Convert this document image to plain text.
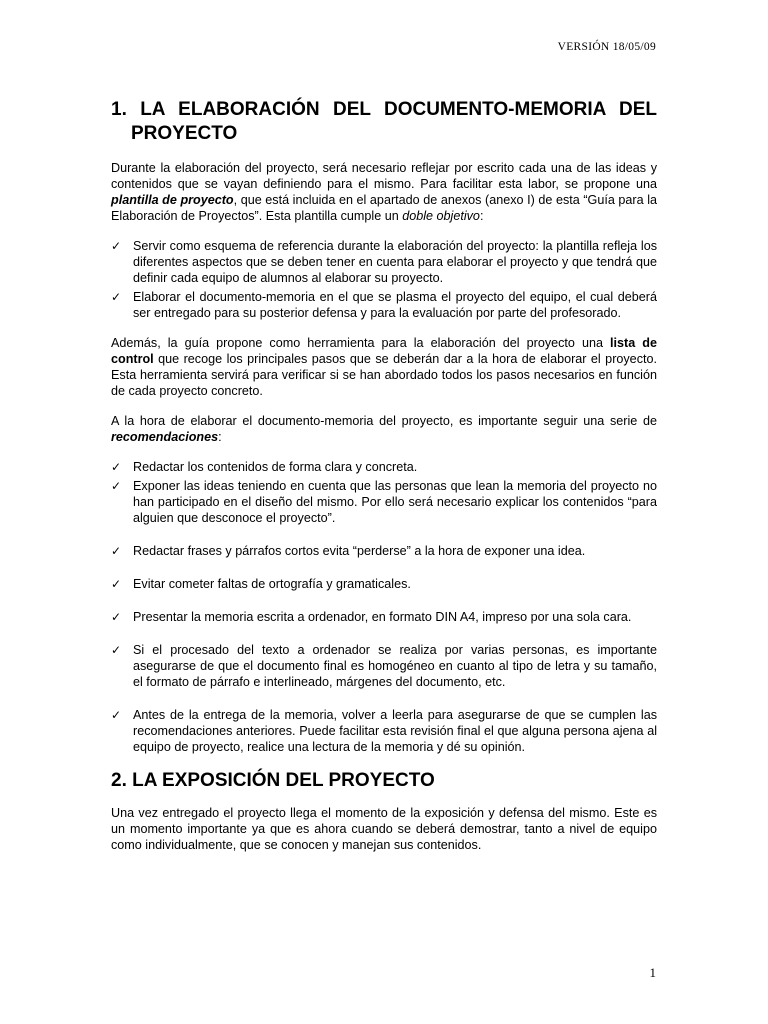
VERSIÓN 18/05/09
1. LA ELABORACIÓN DEL DOCUMENTO-MEMORIA DEL PROYECTO

Durante la elaboración del proyecto, será necesario reflejar por escrito cada una de las ideas y contenidos que se vayan definiendo para el mismo. Para facilitar esta labor, se propone una plantilla de proyecto, que está incluida en el apartado de anexos (anexo I) de esta “Guía para la Elaboración de Proyectos”. Esta plantilla cumple un doble objetivo:

✓ Servir como esquema de referencia durante la elaboración del proyecto: la plantilla refleja los diferentes aspectos que se deben tener en cuenta para elaborar el proyecto y que tendrá que definir cada equipo de alumnos al elaborar su proyecto.
✓ Elaborar el documento-memoria en el que se plasma el proyecto del equipo, el cual deberá ser entregado para su posterior defensa y para la evaluación por parte del profesorado.

Además, la guía propone como herramienta para la elaboración del proyecto una lista de control que recoge los principales pasos que se deberán dar a la hora de elaborar el proyecto. Esta herramienta servirá para verificar si se han abordado todos los pasos necesarios en función de cada proyecto concreto.

A la hora de elaborar el documento-memoria del proyecto, es importante seguir una serie de recomendaciones:

✓ Redactar los contenidos de forma clara y concreta.
✓ Exponer las ideas teniendo en cuenta que las personas que lean la memoria del proyecto no han participado en el diseño del mismo. Por ello será necesario explicar los contenidos “para alguien que desconoce el proyecto”.
✓ Redactar frases y párrafos cortos evita “perderse” a la hora de exponer una idea.
✓ Evitar cometer faltas de ortografía y gramaticales.
✓ Presentar la memoria escrita a ordenador, en formato DIN A4, impreso por una sola cara.
✓ Si el procesado del texto a ordenador se realiza por varias personas, es importante asegurarse de que el documento final es homogéneo en cuanto al tipo de letra y su tamaño, el formato de párrafo e interlineado, márgenes del documento, etc.
✓ Antes de la entrega de la memoria, volver a leerla para asegurarse de que se cumplen las recomendaciones anteriores. Puede facilitar esta revisión final el que alguna persona ajena al equipo de proyecto, realice una lectura de la memoria y dé su opinión.
2. LA EXPOSICIÓN DEL PROYECTO

Una vez entregado el proyecto llega el momento de la exposición y defensa del mismo. Este es un momento importante ya que es ahora cuando se deberá demostrar, tanto a nivel de equipo como individualmente, que se conocen y manejan sus contenidos.

1
